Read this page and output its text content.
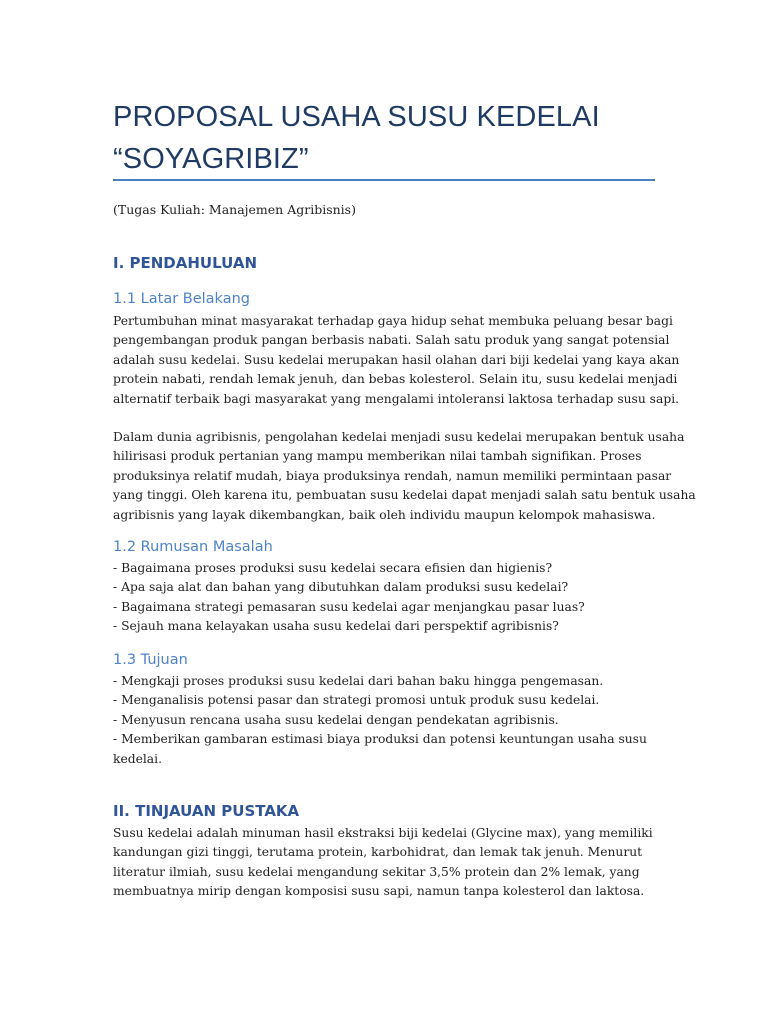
PROPOSAL USAHA SUSU KEDELAI
“SOYAGRIBIZ”
(Tugas Kuliah: Manajemen Agribisnis)
I. PENDAHULUAN
1.1 Latar Belakang
Pertumbuhan minat masyarakat terhadap gaya hidup sehat membuka peluang besar bagi
pengembangan produk pangan berbasis nabati. Salah satu produk yang sangat potensial
adalah susu kedelai. Susu kedelai merupakan hasil olahan dari biji kedelai yang kaya akan
protein nabati, rendah lemak jenuh, dan bebas kolesterol. Selain itu, susu kedelai menjadi
alternatif terbaik bagi masyarakat yang mengalami intoleransi laktosa terhadap susu sapi.
Dalam dunia agribisnis, pengolahan kedelai menjadi susu kedelai merupakan bentuk usaha
hilirisasi produk pertanian yang mampu memberikan nilai tambah signifikan. Proses
produksinya relatif mudah, biaya produksinya rendah, namun memiliki permintaan pasar
yang tinggi. Oleh karena itu, pembuatan susu kedelai dapat menjadi salah satu bentuk usaha
agribisnis yang layak dikembangkan, baik oleh individu maupun kelompok mahasiswa.
1.2 Rumusan Masalah
- Bagaimana proses produksi susu kedelai secara efisien dan higienis?
- Apa saja alat dan bahan yang dibutuhkan dalam produksi susu kedelai?
- Bagaimana strategi pemasaran susu kedelai agar menjangkau pasar luas?
- Sejauh mana kelayakan usaha susu kedelai dari perspektif agribisnis?
1.3 Tujuan
- Mengkaji proses produksi susu kedelai dari bahan baku hingga pengemasan.
- Menganalisis potensi pasar dan strategi promosi untuk produk susu kedelai.
- Menyusun rencana usaha susu kedelai dengan pendekatan agribisnis.
- Memberikan gambaran estimasi biaya produksi dan potensi keuntungan usaha susu
kedelai.
II. TINJAUAN PUSTAKA
Susu kedelai adalah minuman hasil ekstraksi biji kedelai (Glycine max), yang memiliki
kandungan gizi tinggi, terutama protein, karbohidrat, dan lemak tak jenuh. Menurut
literatur ilmiah, susu kedelai mengandung sekitar 3,5% protein dan 2% lemak, yang
membuatnya mirip dengan komposisi susu sapi, namun tanpa kolesterol dan laktosa.
